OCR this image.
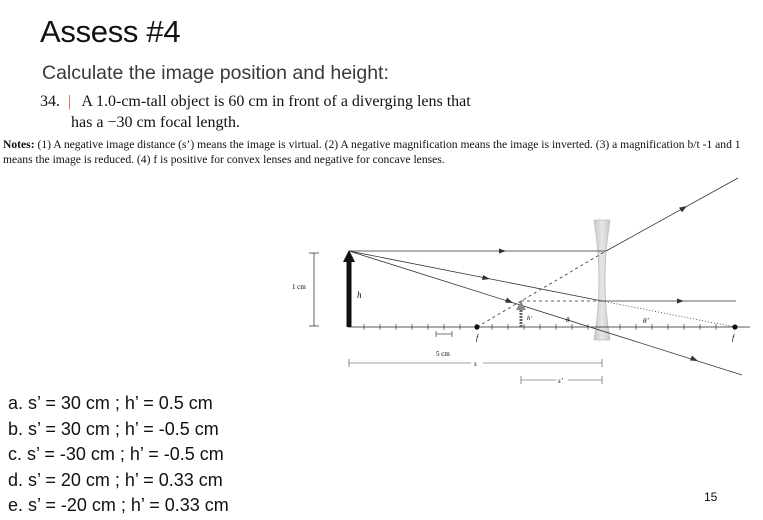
Assess #4
Calculate the image position and height:
34. | A 1.0-cm-tall object is 60 cm in front of a diverging lens that
has a −30 cm focal length.
Notes: (1) A negative image distance (s’) means the image is virtual. (2) A negative magnification means the image is inverted. (3) a magnification b/t -1 and 1 means the image is reduced. (4) f is positive for convex lenses and negative for concave lenses.
h
1 cm
h’
f	f
θ	θ’
5 cm
s
s’
a. s’ = 30 cm ; h’ = 0.5 cm
b. s’ = 30 cm ; h’ = -0.5 cm
c. s’ = -30 cm ; h’ = -0.5 cm
d. s’ = 20 cm ; h’ = 0.33 cm
e. s’ = -20 cm ; h’ = 0.33 cm	15
